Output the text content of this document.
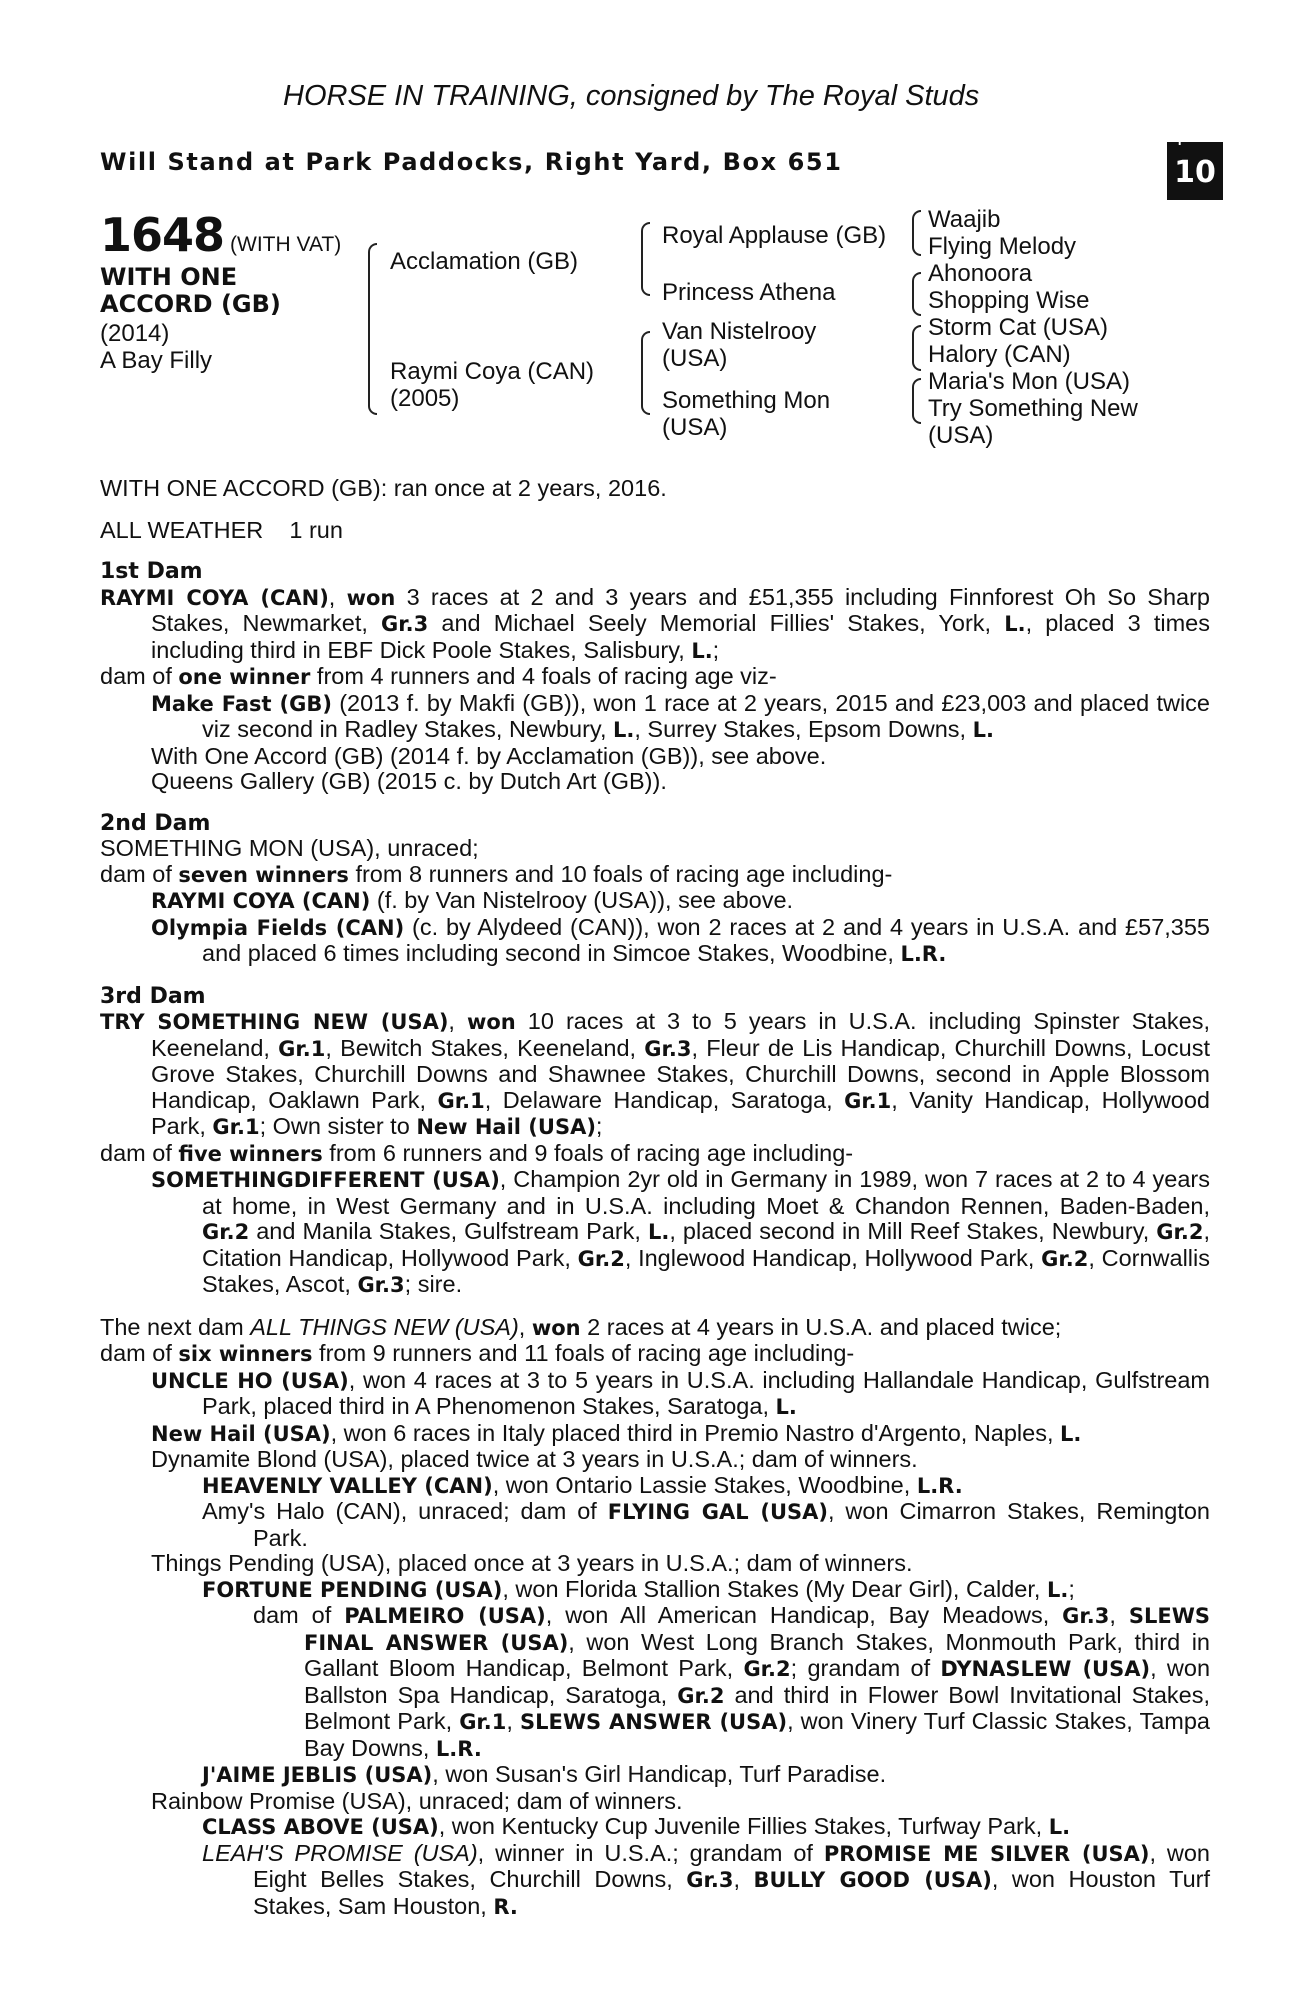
HORSE IN TRAINING, consigned by The Royal Studs
Will Stand at Park Paddocks, Right Yard, Box 651
+
10
1648 (WITH VAT)
WITH ONE
ACCORD (GB)
(2014)
A Bay Filly
Acclamation (GB)
Raymi Coya (CAN)
(2005)
Royal Applause (GB)
Princess Athena
Van Nistelrooy
(USA)
Something Mon
(USA)
Waajib
Flying Melody
Ahonoora
Shopping Wise
Storm Cat (USA)
Halory (CAN)
Maria's Mon (USA)
Try Something New
(USA)

WITH ONE ACCORD (GB): ran once at 2 years, 2016.

ALL WEATHER 1 run

1st Dam

RAYMI COYA (CAN), won 3 races at 2 and 3 years and £51,355 including Finnforest Oh So Sharp Stakes, Newmarket, Gr.3 and Michael Seely Memorial Fillies' Stakes, York, L., placed 3 times including third in EBF Dick Poole Stakes, Salisbury, L.;

dam of one winner from 4 runners and 4 foals of racing age viz-

Make Fast (GB) (2013 f. by Makfi (GB)), won 1 race at 2 years, 2015 and £23,003 and placed twice viz second in Radley Stakes, Newbury, L., Surrey Stakes, Epsom Downs, L.

With One Accord (GB) (2014 f. by Acclamation (GB)), see above.

Queens Gallery (GB) (2015 c. by Dutch Art (GB)).

2nd Dam

SOMETHING MON (USA), unraced;

dam of seven winners from 8 runners and 10 foals of racing age including-

RAYMI COYA (CAN) (f. by Van Nistelrooy (USA)), see above.

Olympia Fields (CAN) (c. by Alydeed (CAN)), won 2 races at 2 and 4 years in U.S.A. and £57,355 and placed 6 times including second in Simcoe Stakes, Woodbine, L.R.

3rd Dam

TRY SOMETHING NEW (USA), won 10 races at 3 to 5 years in U.S.A. including Spinster Stakes, Keeneland, Gr.1, Bewitch Stakes, Keeneland, Gr.3, Fleur de Lis Handicap, Churchill Downs, Locust Grove Stakes, Churchill Downs and Shawnee Stakes, Churchill Downs, second in Apple Blossom Handicap, Oaklawn Park, Gr.1, Delaware Handicap, Saratoga, Gr.1, Vanity Handicap, Hollywood Park, Gr.1; Own sister to New Hail (USA);

dam of five winners from 6 runners and 9 foals of racing age including-

SOMETHINGDIFFERENT (USA), Champion 2yr old in Germany in 1989, won 7 races at 2 to 4 years at home, in West Germany and in U.S.A. including Moet & Chandon Rennen, Baden-Baden, Gr.2 and Manila Stakes, Gulfstream Park, L., placed second in Mill Reef Stakes, Newbury, Gr.2, Citation Handicap, Hollywood Park, Gr.2, Inglewood Handicap, Hollywood Park, Gr.2, Cornwallis Stakes, Ascot, Gr.3; sire.

The next dam ALL THINGS NEW (USA), won 2 races at 4 years in U.S.A. and placed twice;

dam of six winners from 9 runners and 11 foals of racing age including-

UNCLE HO (USA), won 4 races at 3 to 5 years in U.S.A. including Hallandale Handicap, Gulfstream Park, placed third in A Phenomenon Stakes, Saratoga, L.

New Hail (USA), won 6 races in Italy placed third in Premio Nastro d'Argento, Naples, L.

Dynamite Blond (USA), placed twice at 3 years in U.S.A.; dam of winners.

HEAVENLY VALLEY (CAN), won Ontario Lassie Stakes, Woodbine, L.R.

Amy's Halo (CAN), unraced; dam of FLYING GAL (USA), won Cimarron Stakes, Remington Park.

Things Pending (USA), placed once at 3 years in U.S.A.; dam of winners.

FORTUNE PENDING (USA), won Florida Stallion Stakes (My Dear Girl), Calder, L.;

dam of PALMEIRO (USA), won All American Handicap, Bay Meadows, Gr.3, SLEWS FINAL ANSWER (USA), won West Long Branch Stakes, Monmouth Park, third in Gallant Bloom Handicap, Belmont Park, Gr.2; grandam of DYNASLEW (USA), won Ballston Spa Handicap, Saratoga, Gr.2 and third in Flower Bowl Invitational Stakes, Belmont Park, Gr.1, SLEWS ANSWER (USA), won Vinery Turf Classic Stakes, Tampa Bay Downs, L.R.

J'AIME JEBLIS (USA), won Susan's Girl Handicap, Turf Paradise.

Rainbow Promise (USA), unraced; dam of winners.

CLASS ABOVE (USA), won Kentucky Cup Juvenile Fillies Stakes, Turfway Park, L.

LEAH'S PROMISE (USA), winner in U.S.A.; grandam of PROMISE ME SILVER (USA), won Eight Belles Stakes, Churchill Downs, Gr.3, BULLY GOOD (USA), won Houston Turf Stakes, Sam Houston, R.
